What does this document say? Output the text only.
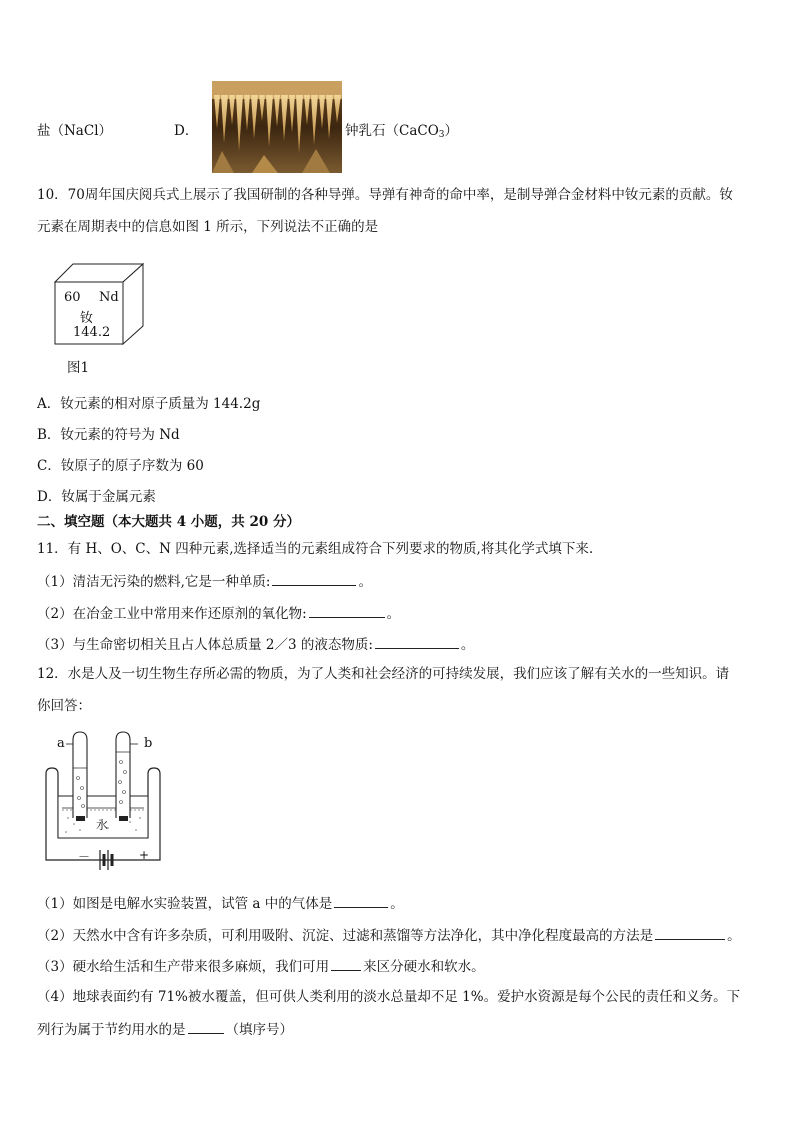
盐（NaCl）	D．	钟乳石（CaCO$_3$）
10．70周年国庆阅兵式上展示了我国研制的各种导弹。导弹有神奇的命中率，是制导弹合金材料中钕元素的贡献。钕
元素在周期表中的信息如图 1 所示，下列说法不正确的是
60 Nd
钕
144.2
图1
A．钕元素的相对原子质量为 144.2g
B．钕元素的符号为 Nd
C．钕原子的原子序数为 60
D．钕属于金属元素
二、填空题（本大题共 4 小题，共 20 分）
11．有 H、O、C、N 四种元素,选择适当的元素组成符合下列要求的物质,将其化学式填下来.
（1）清洁无污染的燃料,它是一种单质:	。
（2）在冶金工业中常用来作还原剂的氧化物:	。
（3）与生命密切相关且占人体总质量 2／3 的液态物质:	。
12．水是人及一切生物生存所必需的物质，为了人类和社会经济的可持续发展，我们应该了解有关水的一些知识。请
你回答：
a	b
水
－	+
（1）如图是电解水实验装置，试管 a 中的气体是	。
（2）天然水中含有许多杂质，可利用吸附、沉淀、过滤和蒸馏等方法净化，其中净化程度最高的方法是	。
（3）硬水给生活和生产带来很多麻烦，我们可用	来区分硬水和软水。
（4）地球表面约有 71%被水覆盖，但可供人类利用的淡水总量却不足 1%。爱护水资源是每个公民的责任和义务。下
列行为属于节约用水的是	（填序号）
